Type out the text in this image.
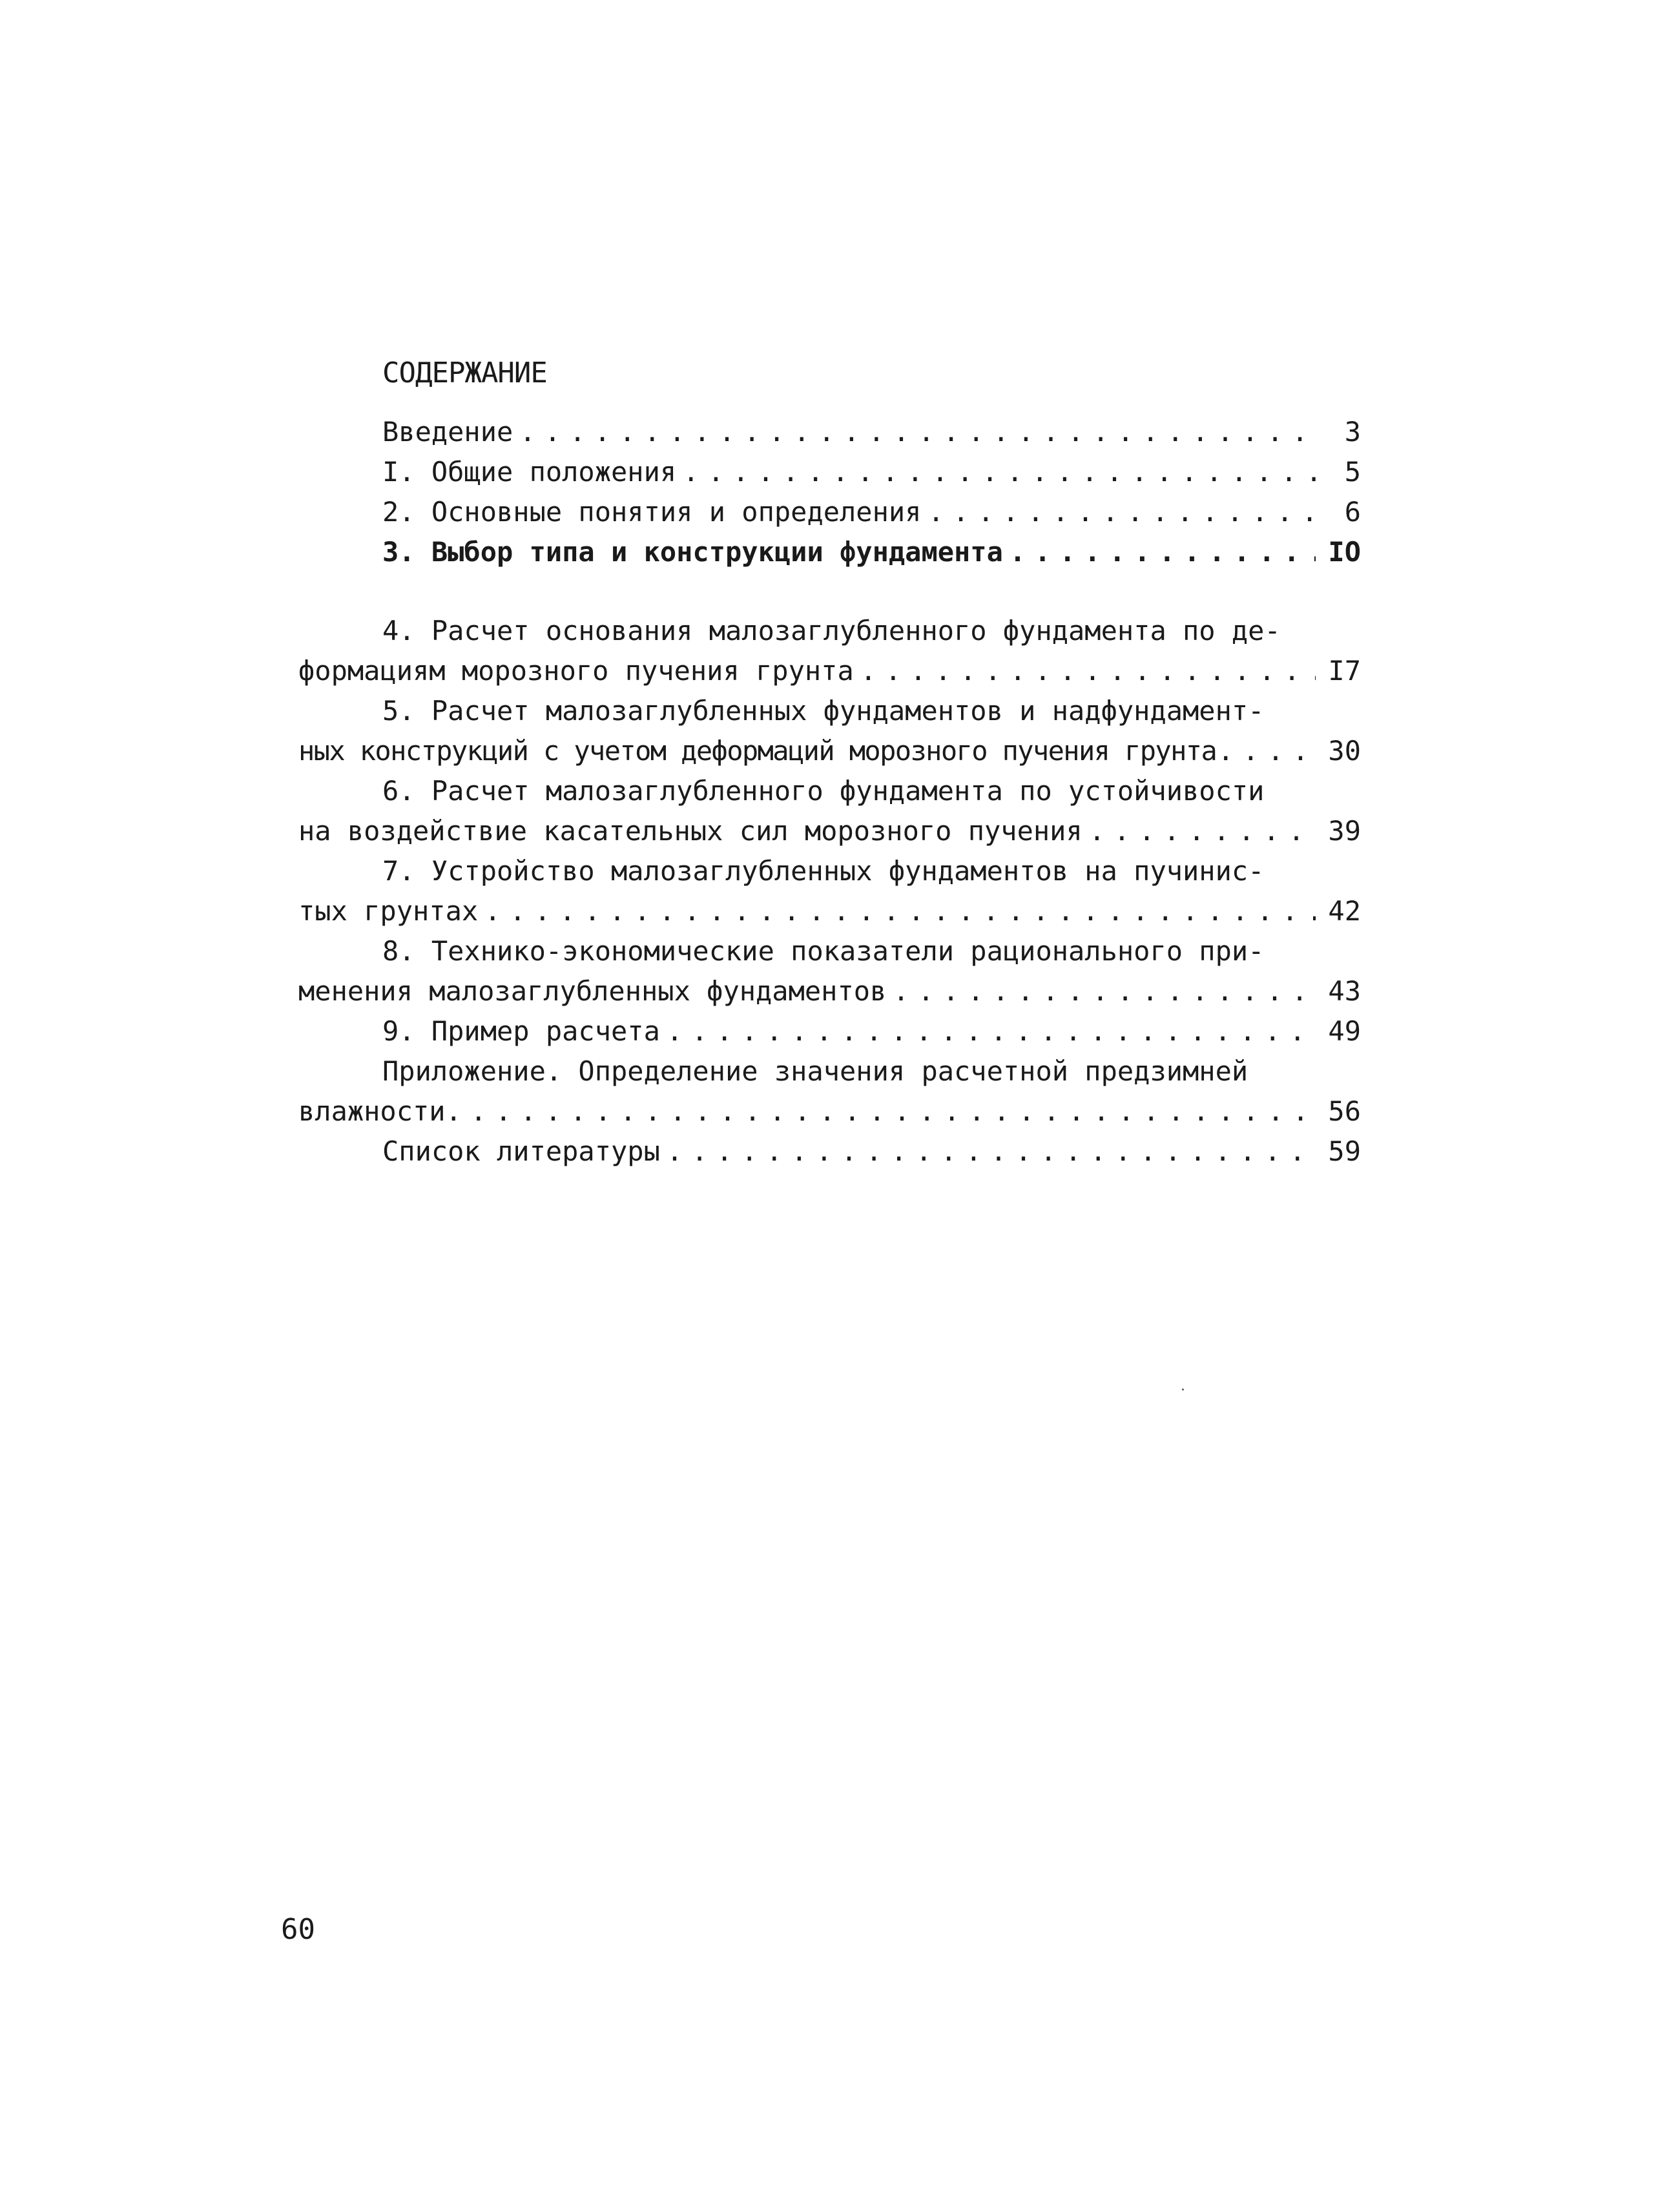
СОДЕРЖАНИЕ
Введение . . .	3
I. Общие положения . . .	5
2. Основные понятия и определения . . .	6
3. Выбор типа и конструкции фундамента . . .	IO
4. Расчет основания малозаглубленного фундамента по де-
формациям морозного пучения грунта . . .	I7
5. Расчет малозаглубленных фундаментов и надфундамент-
ных конструкций с учетом деформаций морозного пучения грунта . . .	30
6. Расчет малозаглубленного фундамента по устойчивости
на воздействие касательных сил морозного пучения . . .	39
7. Устройство малозаглубленных фундаментов на пучинис-
тых грунтах . . .	42
8. Технико-экономические показатели рационального при-
менения малозаглубленных фундаментов . . .	43
9. Пример расчета . . .	49
Приложение. Определение значения расчетной предзимней
влажности . . .	56
Список литературы . . .	59
60
